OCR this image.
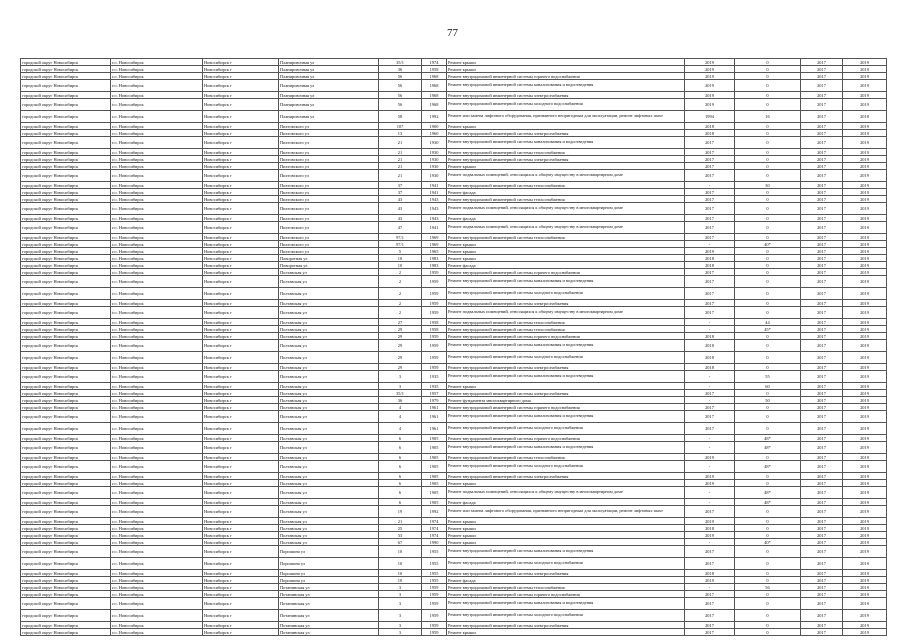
77
городской округ Новосибирск	г.о. Новосибирск	Новосибирск г	Планировочная ул	35/1	1974	Ремонт крыши	2019	0	2017	2019
городской округ Новосибирск	г.о. Новосибирск	Новосибирск г	Планировочная ул	36	1958	Ремонт крыши	2019	0	2017	2019
городской округ Новосибирск	г.о. Новосибирск	Новосибирск г	Планировочная ул	56	1968	Ремонт внутридомовой инженерной системы горячего водоснабжения	2019	0	2017	2019
городской округ Новосибирск	г.о. Новосибирск	Новосибирск г	Планировочная ул	56	1968	Ремонт внутридомовой инженерной системы канализования и водоотведения	2019	0	2017	2019
городской округ Новосибирск	г.о. Новосибирск	Новосибирск г	Планировочная ул	56	1968	Ремонт внутридомовой инженерной системы электроснабжения	2019	0	2017	2019
городской округ Новосибирск	г.о. Новосибирск	Новосибирск г	Планировочная ул	56	1968	Ремонт внутридомовой инженерной системы холодного водоснабжения	2019	0	2017	2019
городской округ Новосибирск	г.о. Новосибирск	Новосибирск г	Планировочная ул	58	1992	Ремонт или замена лифтового оборудования, признанного непригодным для эксплуатации, ремонт лифтовых шахт	1994	16	2017	2018
городской округ Новосибирск	г.о. Новосибирск	Новосибирск г	Пихтовского ул	107	1900	Ремонт крыши	2018	0	2017	2019
городской округ Новосибирск	г.о. Новосибирск	Новосибирск г	Пихтовского ул	13	1960	Ремонт внутридомовой инженерной системы электроснабжения	2018	0	2017	2019
городской округ Новосибирск	г.о. Новосибирск	Новосибирск г	Пихтовского ул	21	1930	Ремонт внутридомовой инженерной системы канализования и водоотведения	2017	0	2017	2019
городской округ Новосибирск	г.о. Новосибирск	Новосибирск г	Пихтовского ул	21	1930	Ремонт внутридомовой инженерной системы теплоснабжения	2017	0	2017	2019
городской округ Новосибирск	г.о. Новосибирск	Новосибирск г	Пихтовского ул	21	1930	Ремонт внутридомовой инженерной системы электроснабжения	2017	0	2017	2019
городской округ Новосибирск	г.о. Новосибирск	Новосибирск г	Пихтовского ул	21	1930	Ремонт крыши	2017	0	2017	2019
городской округ Новосибирск	г.о. Новосибирск	Новосибирск г	Пихтовского ул	21	1930	Ремонт подвальных помещений, относящихся к общему имуществу в многоквартирном доме	2017	0	2017	2019
городской округ Новосибирск	г.о. Новосибирск	Новосибирск г	Пихтовского ул	37	1941	Ремонт внутридомовой инженерной системы теплоснабжения	-	30	2017	2019
городской округ Новосибирск	г.о. Новосибирск	Новосибирск г	Пихтовского ул	37	1941	Ремонт фасада	2017	0	2017	2019
городской округ Новосибирск	г.о. Новосибирск	Новосибирск г	Пихтовского ул	43	1943	Ремонт внутридомовой инженерной системы теплоснабжения	2017	0	2017	2019
городской округ Новосибирск	г.о. Новосибирск	Новосибирск г	Пихтовского ул	43	1943	Ремонт подвальных помещений, относящихся к общему имуществу в многоквартирном доме	2017	0	2017	2019
городской округ Новосибирск	г.о. Новосибирск	Новосибирск г	Пихтовского ул	43	1943	Ремонт фасада	2017	0	2017	2019
городской округ Новосибирск	г.о. Новосибирск	Новосибирск г	Пихтовского ул	47	1941	Ремонт подвальных помещений, относящихся к общему имуществу в многоквартирном доме	2017	0	2017	2019
городской округ Новосибирск	г.о. Новосибирск	Новосибирск г	Пихтовского ул	97/1	1969	Ремонт внутридомовой инженерной системы теплоснабжения	2017	0	2017	2019
городской округ Новосибирск	г.о. Новосибирск	Новосибирск г	Пихтовского ул	97/1	1969	Ремонт крыши	-	40*	2017	2019
городской округ Новосибирск	г.о. Новосибирск	Новосибирск г	Пихтовского ул	5	1965	Ремонт крыши	2019	0	2017	2019
городской округ Новосибирск	г.о. Новосибирск	Новосибирск г	Поворотная ул	10	1983	Ремонт крыши	2018	0	2017	2019
городской округ Новосибирск	г.о. Новосибирск	Новосибирск г	Поворотная ул	10	1983	Ремонт фасада	2018	0	2017	2019
городской округ Новосибирск	г.о. Новосибирск	Новосибирск г	Полтавская ул	2	1959	Ремонт внутридомовой инженерной системы горячего водоснабжения	2017	0	2017	2019
городской округ Новосибирск	г.о. Новосибирск	Новосибирск г	Полтавская ул	2	1959	Ремонт внутридомовой инженерной системы канализования и водоотведения	2017	0	2017	2019
городской округ Новосибирск	г.о. Новосибирск	Новосибирск г	Полтавская ул	2	1959	Ремонт внутридомовой инженерной системы холодного водоснабжения	2017	0	2017	2019
городской округ Новосибирск	г.о. Новосибирск	Новосибирск г	Полтавская ул	2	1959	Ремонт внутридомовой инженерной системы электроснабжения	2017	0	2017	2019
городской округ Новосибирск	г.о. Новосибирск	Новосибирск г	Полтавская ул	2	1959	Ремонт подвальных помещений, относящихся к общему имуществу в многоквартирном доме	2017	0	2017	2019
городской округ Новосибирск	г.о. Новосибирск	Новосибирск г	Полтавская ул	27	1958	Ремонт внутридомовой инженерной системы теплоснабжения	-	44	2017	2019
городской округ Новосибирск	г.о. Новосибирск	Новосибирск г	Полтавская ул	29	1958	Ремонт внутридомовой инженерной системы теплоснабжения	-	45*	2017	2019
городской округ Новосибирск	г.о. Новосибирск	Новосибирск г	Полтавская ул	29	1959	Ремонт внутридомовой инженерной системы горячего водоснабжения	2018	0	2017	2019
городской округ Новосибирск	г.о. Новосибирск	Новосибирск г	Полтавская ул	29	1959	Ремонт внутридомовой инженерной системы канализования и водоотведения	2018	0	2017	2019
городской округ Новосибирск	г.о. Новосибирск	Новосибирск г	Полтавская ул	29	1959	Ремонт внутридомовой инженерной системы холодного водоснабжения	2018	0	2017	2019
городской округ Новосибирск	г.о. Новосибирск	Новосибирск г	Полтавская ул	29	1959	Ремонт внутридомовой инженерной системы электроснабжения	2018	0	2017	2019
городской округ Новосибирск	г.о. Новосибирск	Новосибирск г	Полтавская ул	3	1935	Ремонт внутридомовой инженерной системы канализования и водоотведения	-	55	2017	2019
городской округ Новосибирск	г.о. Новосибирск	Новосибирск г	Полтавская ул	3	1935	Ремонт крыши	-	60	2017	2019
городской округ Новосибирск	г.о. Новосибирск	Новосибирск г	Полтавская ул	35/1	1957	Ремонт внутридомовой инженерной системы электроснабжения	2017	0	2017	2019
городской округ Новосибирск	г.о. Новосибирск	Новосибирск г	Полтавская ул	36	1979	Ремонт фундамента многоквартирного дома	-	50	2017	2019
городской округ Новосибирск	г.о. Новосибирск	Новосибирск г	Полтавская ул	4	1961	Ремонт внутридомовой инженерной системы горячего водоснабжения	2017	0	2017	2019
городской округ Новосибирск	г.о. Новосибирск	Новосибирск г	Полтавская ул	4	1961	Ремонт внутридомовой инженерной системы канализования и водоотведения	2017	0	2017	2019
городской округ Новосибирск	г.о. Новосибирск	Новосибирск г	Полтавская ул	4	1961	Ремонт внутридомовой инженерной системы холодного водоснабжения	2017	0	2017	2019
городской округ Новосибирск	г.о. Новосибирск	Новосибирск г	Полтавская ул	6	1905	Ремонт внутридомовой инженерной системы горячего водоснабжения	-	48*	2017	2019
городской округ Новосибирск	г.о. Новосибирск	Новосибирск г	Полтавская ул	6	1905	Ремонт внутридомовой инженерной системы канализования и водоотведения	-	48*	2017	2019
городской округ Новосибирск	г.о. Новосибирск	Новосибирск г	Полтавская ул	6	1905	Ремонт внутридомовой инженерной системы теплоснабжения	2019	0	2017	2019
городской округ Новосибирск	г.о. Новосибирск	Новосибирск г	Полтавская ул	6	1905	Ремонт внутридомовой инженерной системы холодного водоснабжения	-	48*	2017	2019
городской округ Новосибирск	г.о. Новосибирск	Новосибирск г	Полтавская ул	6	1905	Ремонт внутридомовой инженерной системы электроснабжения	2019	0	2017	2019
городской округ Новосибирск	г.о. Новосибирск	Новосибирск г	Полтавская ул	6	1905	Ремонт крыши	2019	0	2017	2019
городской округ Новосибирск	г.о. Новосибирск	Новосибирск г	Полтавская ул	6	1905	Ремонт подвальных помещений, относящихся к общему имуществу в многоквартирном доме	-	48*	2017	2019
городской округ Новосибирск	г.о. Новосибирск	Новосибирск г	Полтавская ул	6	1905	Ремонт фасада	-	48*	2017	2019
городской округ Новосибирск	г.о. Новосибирск	Новосибирск г	Полтавская ул	19	1992	Ремонт или замена лифтового оборудования, признанного непригодным для эксплуатации, ремонт лифтовых шахт	2017	0	2017	2019
городской округ Новосибирск	г.о. Новосибирск	Новосибирск г	Полтавская ул	21	1974	Ремонт крыши	2019	0	2017	2019
городской округ Новосибирск	г.о. Новосибирск	Новосибирск г	Полтавская ул	25	1974	Ремонт крыши	2018	0	2017	2019
городской округ Новосибирск	г.о. Новосибирск	Новосибирск г	Полтавская ул	33	1974	Ремонт крыши	2019	0	2017	2019
городской округ Новосибирск	г.о. Новосибирск	Новосибирск г	Полтавская ул	67	1990	Ремонт крыши	-	40*	2017	2019
городской округ Новосибирск	г.о. Новосибирск	Новосибирск г	Порошина ул	10	1955	Ремонт внутридомовой инженерной системы канализования и водоотведения	2017	0	2017	2019
городской округ Новосибирск	г.о. Новосибирск	Новосибирск г	Порошина ул	10	1955	Ремонт внутридомовой инженерной системы холодного водоснабжения	2017	0	2017	2019
городской округ Новосибирск	г.о. Новосибирск	Новосибирск г	Порошина ул	10	1955	Ремонт внутридомовой инженерной системы электроснабжения	2018	0	2017	2019
городской округ Новосибирск	г.о. Новосибирск	Новосибирск г	Порошина ул	10	1955	Ремонт фасада	2019	0	2017	2019
городской округ Новосибирск	г.о. Новосибирск	Новосибирск г	Потанинская ул	3	1959	Ремонт внутридомовой инженерной системы теплоснабжения	-	56	2017	2019
городской округ Новосибирск	г.о. Новосибирск	Новосибирск г	Потанинская ул	3	1959	Ремонт внутридомовой инженерной системы горячего водоснабжения	2017	0	2017	2019
городской округ Новосибирск	г.о. Новосибирск	Новосибирск г	Потанинская ул	3	1959	Ремонт внутридомовой инженерной системы канализования и водоотведения	2017	0	2017	2019
городской округ Новосибирск	г.о. Новосибирск	Новосибирск г	Потанинская ул	3	1959	Ремонт внутридомовой инженерной системы холодного водоснабжения	2017	0	2017	2019
городской округ Новосибирск	г.о. Новосибирск	Новосибирск г	Потанинская ул	3	1959	Ремонт внутридомовой инженерной системы электроснабжения	2017	0	2017	2019
городской округ Новосибирск	г.о. Новосибирск	Новосибирск г	Потанинская ул	3	1959	Ремонт крыши	2017	0	2017	2019
